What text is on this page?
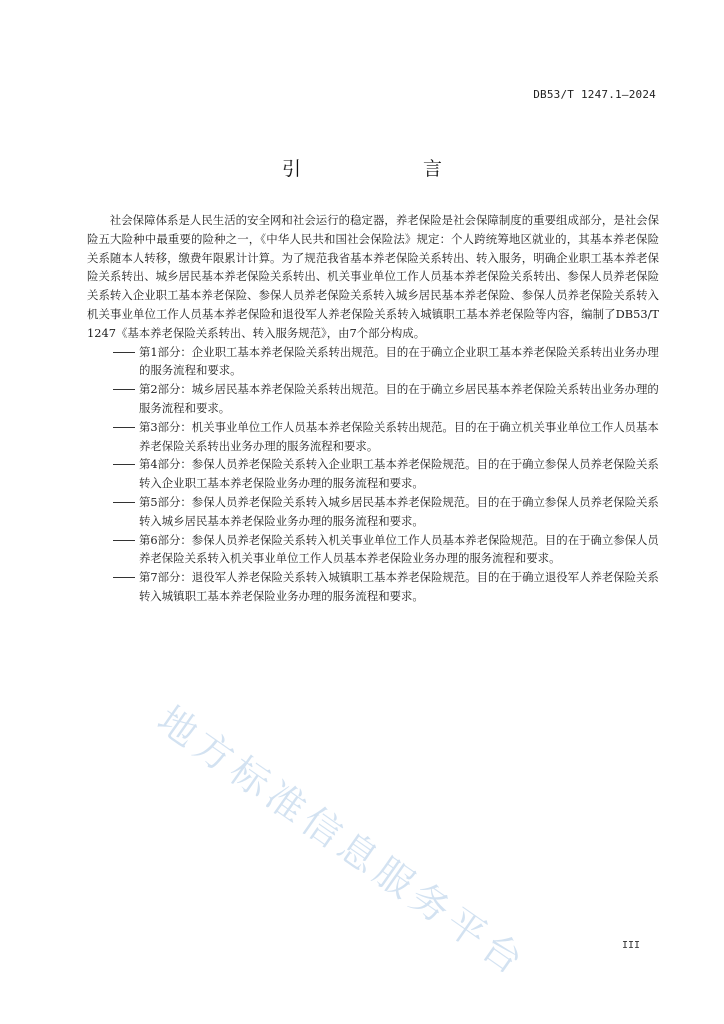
DB53/T 1247.1—2024
引　　言

社会保障体系是人民生活的安全网和社会运行的稳定器，养老保险是社会保障制度的重要组成部分，是社会保险五大险种中最重要的险种之一，《中华人民共和国社会保险法》规定：个人跨统筹地区就业的，其基本养老保险关系随本人转移，缴费年限累计计算。为了规范我省基本养老保险关系转出、转入服务，明确企业职工基本养老保险关系转出、城乡居民基本养老保险关系转出、机关事业单位工作人员基本养老保险关系转出、参保人员养老保险关系转入企业职工基本养老保险、参保人员养老保险关系转入城乡居民基本养老保险、参保人员养老保险关系转入机关事业单位工作人员基本养老保险和退役军人养老保险关系转入城镇职工基本养老保险等内容，编制了DB53/T 1247《基本养老保险关系转出、转入服务规范》，由7个部分构成。

第1部分：企业职工基本养老保险关系转出规范。目的在于确立企业职工基本养老保险关系转出业务办理的服务流程和要求。
第2部分：城乡居民基本养老保险关系转出规范。目的在于确立乡居民基本养老保险关系转出业务办理的服务流程和要求。
第3部分：机关事业单位工作人员基本养老保险关系转出规范。目的在于确立机关事业单位工作人员基本养老保险关系转出业务办理的服务流程和要求。
第4部分：参保人员养老保险关系转入企业职工基本养老保险规范。目的在于确立参保人员养老保险关系转入企业职工基本养老保险业务办理的服务流程和要求。
第5部分：参保人员养老保险关系转入城乡居民基本养老保险规范。目的在于确立参保人员养老保险关系转入城乡居民基本养老保险业务办理的服务流程和要求。
第6部分：参保人员养老保险关系转入机关事业单位工作人员基本养老保险规范。目的在于确立参保人员养老保险关系转入机关事业单位工作人员基本养老保险业务办理的服务流程和要求。
第7部分：退役军人养老保险关系转入城镇职工基本养老保险规范。目的在于确立退役军人养老保险关系转入城镇职工基本养老保险业务办理的服务流程和要求。
地方标准信息服务平台	III
